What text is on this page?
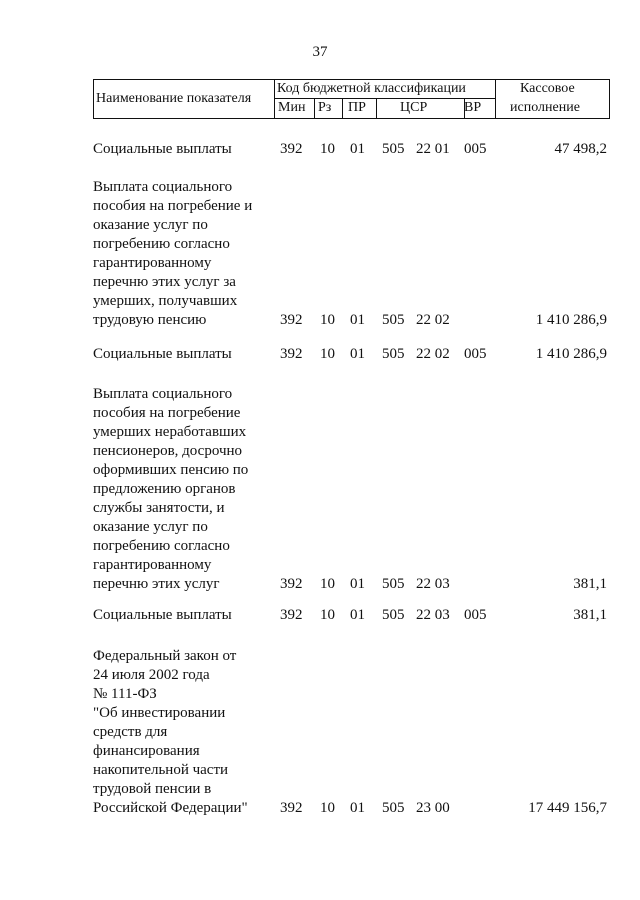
37
Наименование показателя
Код бюджетной классификации
Мин Рз ПР ЦСР	ВР
Кассовое
исполнение
Социальные выплаты	392 10 01 505 22 01 005	47 498,2
Выплата социального
пособия на погребение и
оказание услуг по
погребению согласно
гарантированному
перечню этих услуг за
умерших, получавших
трудовую пенсию	392 10 01 505 22 02	1 410 286,9
Социальные выплаты	392 10 01 505 22 02 005	1 410 286,9
Выплата социального
пособия на погребение
умерших неработавших
пенсионеров, досрочно
оформивших пенсию по
предложению органов
службы занятости, и
оказание услуг по
погребению согласно
гарантированному
перечню этих услуг	392 10 01 505 22 03	381,1
Социальные выплаты	392 10 01 505 22 03 005	381,1
Федеральный закон от
24 июля 2002 года
№ 111-ФЗ
"Об инвестировании
средств для
финансирования
накопительной части
трудовой пенсии в
Российской Федерации"	392 10 01 505 23 00	17 449 156,7
